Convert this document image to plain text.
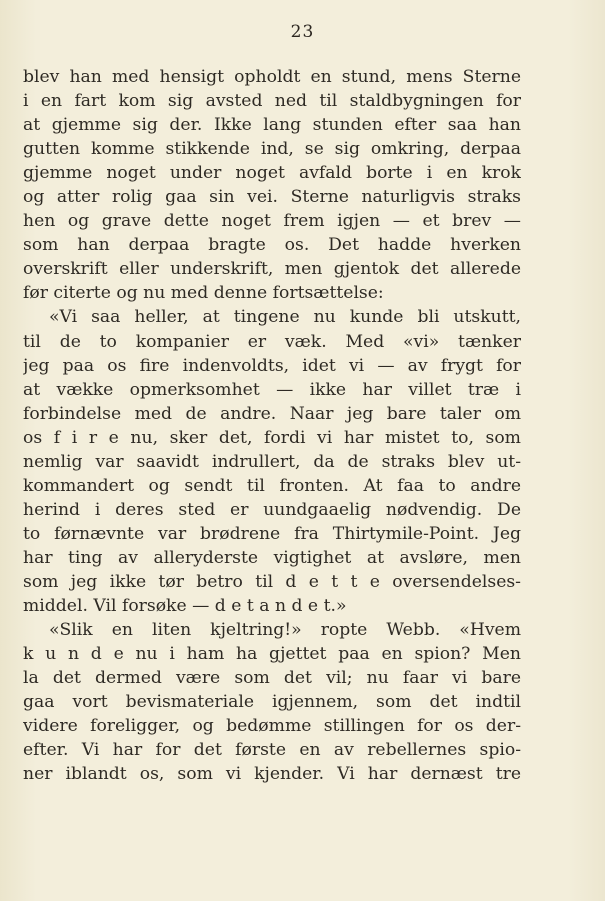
23
blev han med hensigt opholdt en stund, mens Sterne
i en fart kom sig avsted ned til staldbygningen for
at gjemme sig der. Ikke lang stunden efter saa han
gutten komme stikkende ind, se sig omkring, derpaa
gjemme noget under noget avfald borte i en krok
og atter rolig gaa sin vei. Sterne naturligvis straks
hen og grave dette noget frem igjen — et brev —
som han derpaa bragte os. Det hadde hverken
overskrift eller underskrift, men gjentok det allerede
før citerte og nu med denne fortsættelse:
«Vi saa heller, at tingene nu kunde bli utskutt,
til de to kompanier er væk. Med «vi» tænker
jeg paa os fire indenvoldts, idet vi — av frygt for
at vække opmerksomhet — ikke har villet træ i
forbindelse med de andre. Naar jeg bare taler om
os f i r e nu, sker det, fordi vi har mistet to, som
nemlig var saavidt indrullert, da de straks blev ut-
kommandert og sendt til fronten. At faa to andre
herind i deres sted er uundgaaelig nødvendig. De
to førnævnte var brødrene fra Thirtymile-Point. Jeg
har ting av alleryderste vigtighet at avsløre, men
som jeg ikke tør betro til d e t t e oversendelses-
middel. Vil forsøke — d e t a n d e t.»
«Slik en liten kjeltring!» ropte Webb. «Hvem
k u n d e nu i ham ha gjettet paa en spion? Men
la det dermed være som det vil; nu faar vi bare
gaa vort bevismateriale igjennem, som det indtil
videre foreligger, og bedømme stillingen for os der-
efter. Vi har for det første en av rebellernes spio-
ner iblandt os, som vi kjender. Vi har dernæst tre
